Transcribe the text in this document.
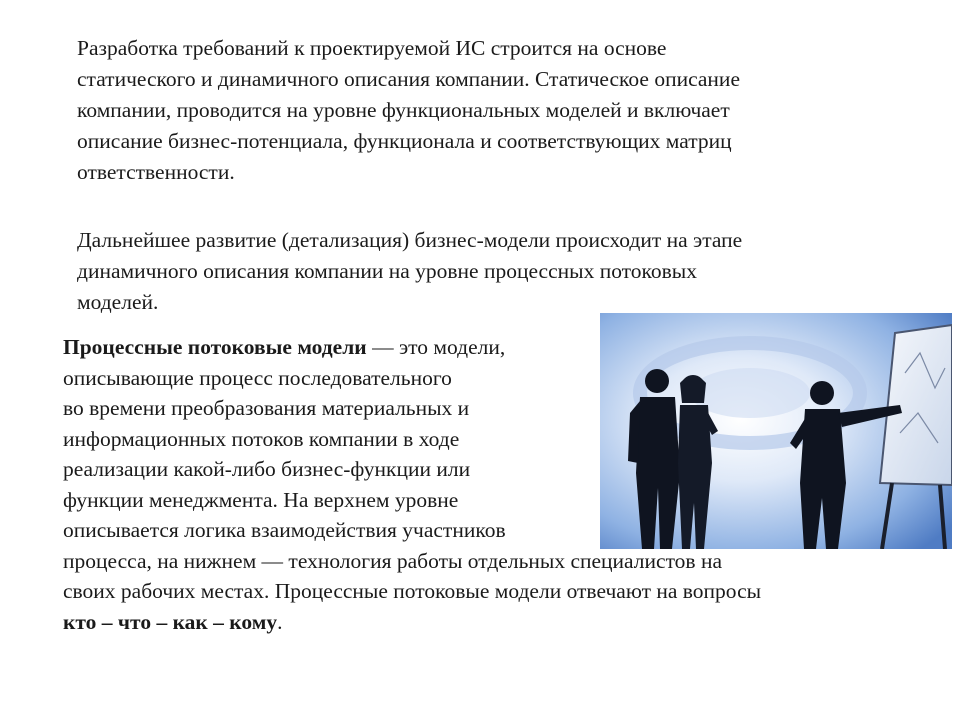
Разработка требований к проектируемой ИС строится на основе
статического и динамичного описания компании. Статическое описание
компании, проводится на уровне функциональных моделей и включает
описание бизнес-потенциала, функционала и соответствующих матриц
ответственности.
Дальнейшее развитие (детализация) бизнес-модели происходит на этапе
динамичного описания компании на уровне процессных потоковых
моделей.
Процессные потоковые модели — это модели,
описывающие процесс последовательного
во времени преобразования материальных и
информационных потоков компании в ходе
реализации какой-либо бизнес-функции или
функции менеджмента. На верхнем уровне
описывается логика взаимодействия участников
процесса, на нижнем — технология работы отдельных специалистов на
своих рабочих местах. Процессные потоковые модели отвечают на вопросы
кто – что – как – кому.
